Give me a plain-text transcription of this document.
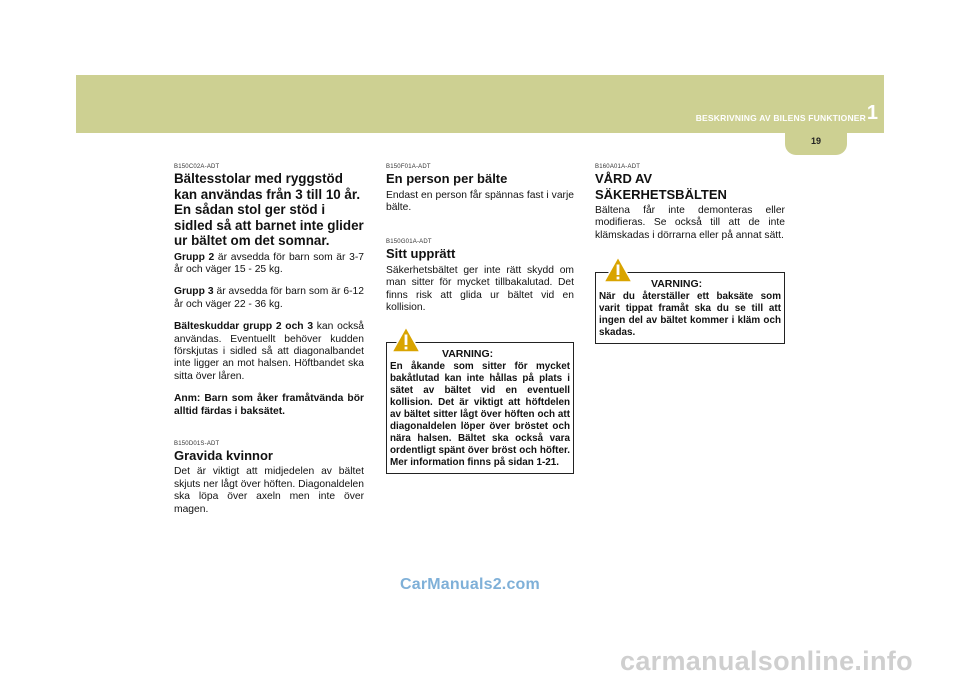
BESKRIVNING AV BILENS FUNKTIONER 1
19
B150C02A-ADT
Bältesstolar med ryggstöd kan användas från 3 till 10 år. En sådan stol ger stöd i sidled så att barnet inte glider ur bältet om det somnar.

Grupp 2 är avsedda för barn som är 3-7 år och väger 15 - 25 kg.

Grupp 3 är avsedda för barn som är 6-12 år och väger 22 - 36 kg.

Bälteskuddar grupp 2 och 3 kan också användas. Eventuellt behöver kudden förskjutas i sidled så att diagonalbandet inte ligger an mot halsen. Höftbandet ska sitta över låren.

Anm: Barn som åker framåtvända bör alltid färdas i baksätet.

B150D01S-ADT
Gravida kvinnor

Det är viktigt att midjedelen av bältet skjuts ner lågt över höften. Diagonaldelen ska löpa över axeln men inte över magen.

B150F01A-ADT
En person per bälte

Endast en person får spännas fast i varje bälte.

B150G01A-ADT
Sitt upprätt

Säkerhetsbältet ger inte rätt skydd om man sitter för mycket tillbakalutad. Det finns risk att glida ur bältet vid en kollision.

VARNING:
En åkande som sitter för mycket bakåtlutad kan inte hållas på plats i sätet av bältet vid en eventuell kollision. Det är viktigt att höftdelen av bältet sitter lågt över höften och att diagonaldelen löper över bröstet och nära halsen. Bältet ska också vara ordentligt spänt över bröst och höfter. Mer information finns på sidan 1-21.
B160A01A-ADT
VÅRD AV SÄKERHETSBÄLTEN

Bältena får inte demonteras eller modifieras. Se också till att de inte klämskadas i dörrarna eller på annat sätt.

VARNING:
När du återställer ett baksäte som varit tippat framåt ska du se till att ingen del av bältet kommer i kläm och skadas.
CarManuals2.com
carmanualsonline.info
